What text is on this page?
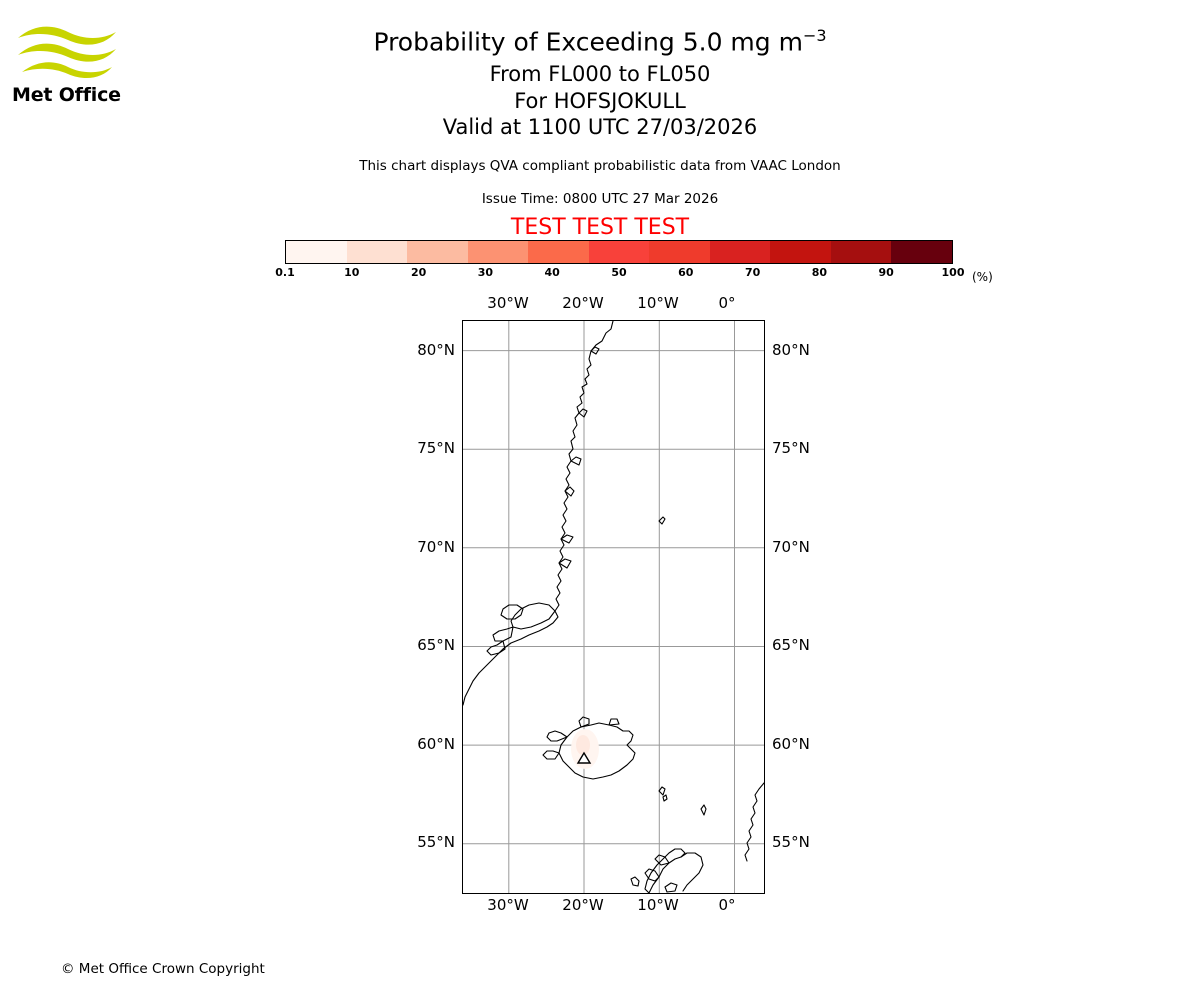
Met Office
Probability of Exceeding 5.0 mg $m^{-3}$
From FL000 to FL050
For HOFSJOKULL
Valid at 1100 UTC 27/03/2026
This chart displays QVA compliant probabilistic data from VAAC London
Issue Time: 0800 UTC 27 Mar 2026
TEST TEST TEST
0.1	10	20	30	40	50	60	70	80	90	100 (%)
30°W 20°W 10°W	0°
30°W 20°W 10°W	0°
80°N
75°N
70°N
65°N
60°N
55°N
80°N
75°N
70°N
65°N
60°N
55°N
© Met Office Crown Copyright
